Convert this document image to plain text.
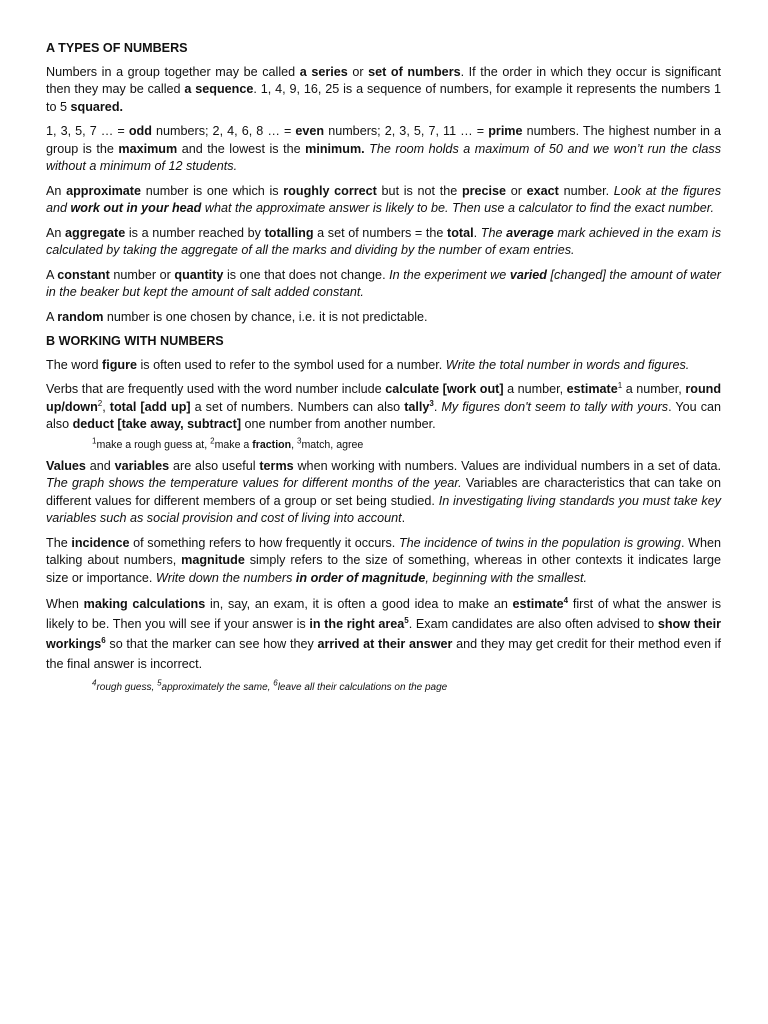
A TYPES OF NUMBERS

Numbers in a group together may be called a series or set of numbers. If the order in which they occur is significant then they may be called a sequence. 1, 4, 9, 16, 25 is a sequence of numbers, for example it represents the numbers 1 to 5 squared.

1, 3, 5, 7 … = odd numbers; 2, 4, 6, 8 … = even numbers; 2, 3, 5, 7, 11 … = prime numbers. The highest number in a group is the maximum and the lowest is the minimum. The room holds a maximum of 50 and we won’t run the class without a minimum of 12 students.

An approximate number is one which is roughly correct but is not the precise or exact number. Look at the figures and work out in your head what the approximate answer is likely to be. Then use a calculator to find the exact number.

An aggregate is a number reached by totalling a set of numbers = the total. The average mark achieved in the exam is calculated by taking the aggregate of all the marks and dividing by the number of exam entries.

A constant number or quantity is one that does not change. In the experiment we varied [changed] the amount of water in the beaker but kept the amount of salt added constant.

A random number is one chosen by chance, i.e. it is not predictable.

B WORKING WITH NUMBERS

The word figure is often used to refer to the symbol used for a number. Write the total number in words and figures.

Verbs that are frequently used with the word number include calculate [work out] a number, estimate$^1$ a number, round up/down$^2$, total [add up] a set of numbers. Numbers can also tally$^3$. My figures don't seem to tally with yours. You can also deduct [take away, subtract] one number from another number.

$^1$make a rough guess at, $^2$make a fraction, $^3$match, agree

Values and variables are also useful terms when working with numbers. Values are individual numbers in a set of data. The graph shows the temperature values for different months of the year. Variables are characteristics that can take on different values for different members of a group or set being studied. In investigating living standards you must take key variables such as social provision and cost of living into account.

The incidence of something refers to how frequently it occurs. The incidence of twins in the population is growing. When talking about numbers, magnitude simply refers to the size of something, whereas in other contexts it indicates large size or importance. Write down the numbers in order of magnitude, beginning with the smallest.

When making calculations in, say, an exam, it is often a good idea to make an estimate$^4$ first of what the answer is likely to be. Then you will see if your answer is in the right area$^5$. Exam candidates are also often advised to show their workings$^6$ so that the marker can see how they arrived at their answer and they may get credit for their method even if the final answer is incorrect.

$^4$rough guess, $^5$approximately the same, $^6$leave all their calculations on the page
